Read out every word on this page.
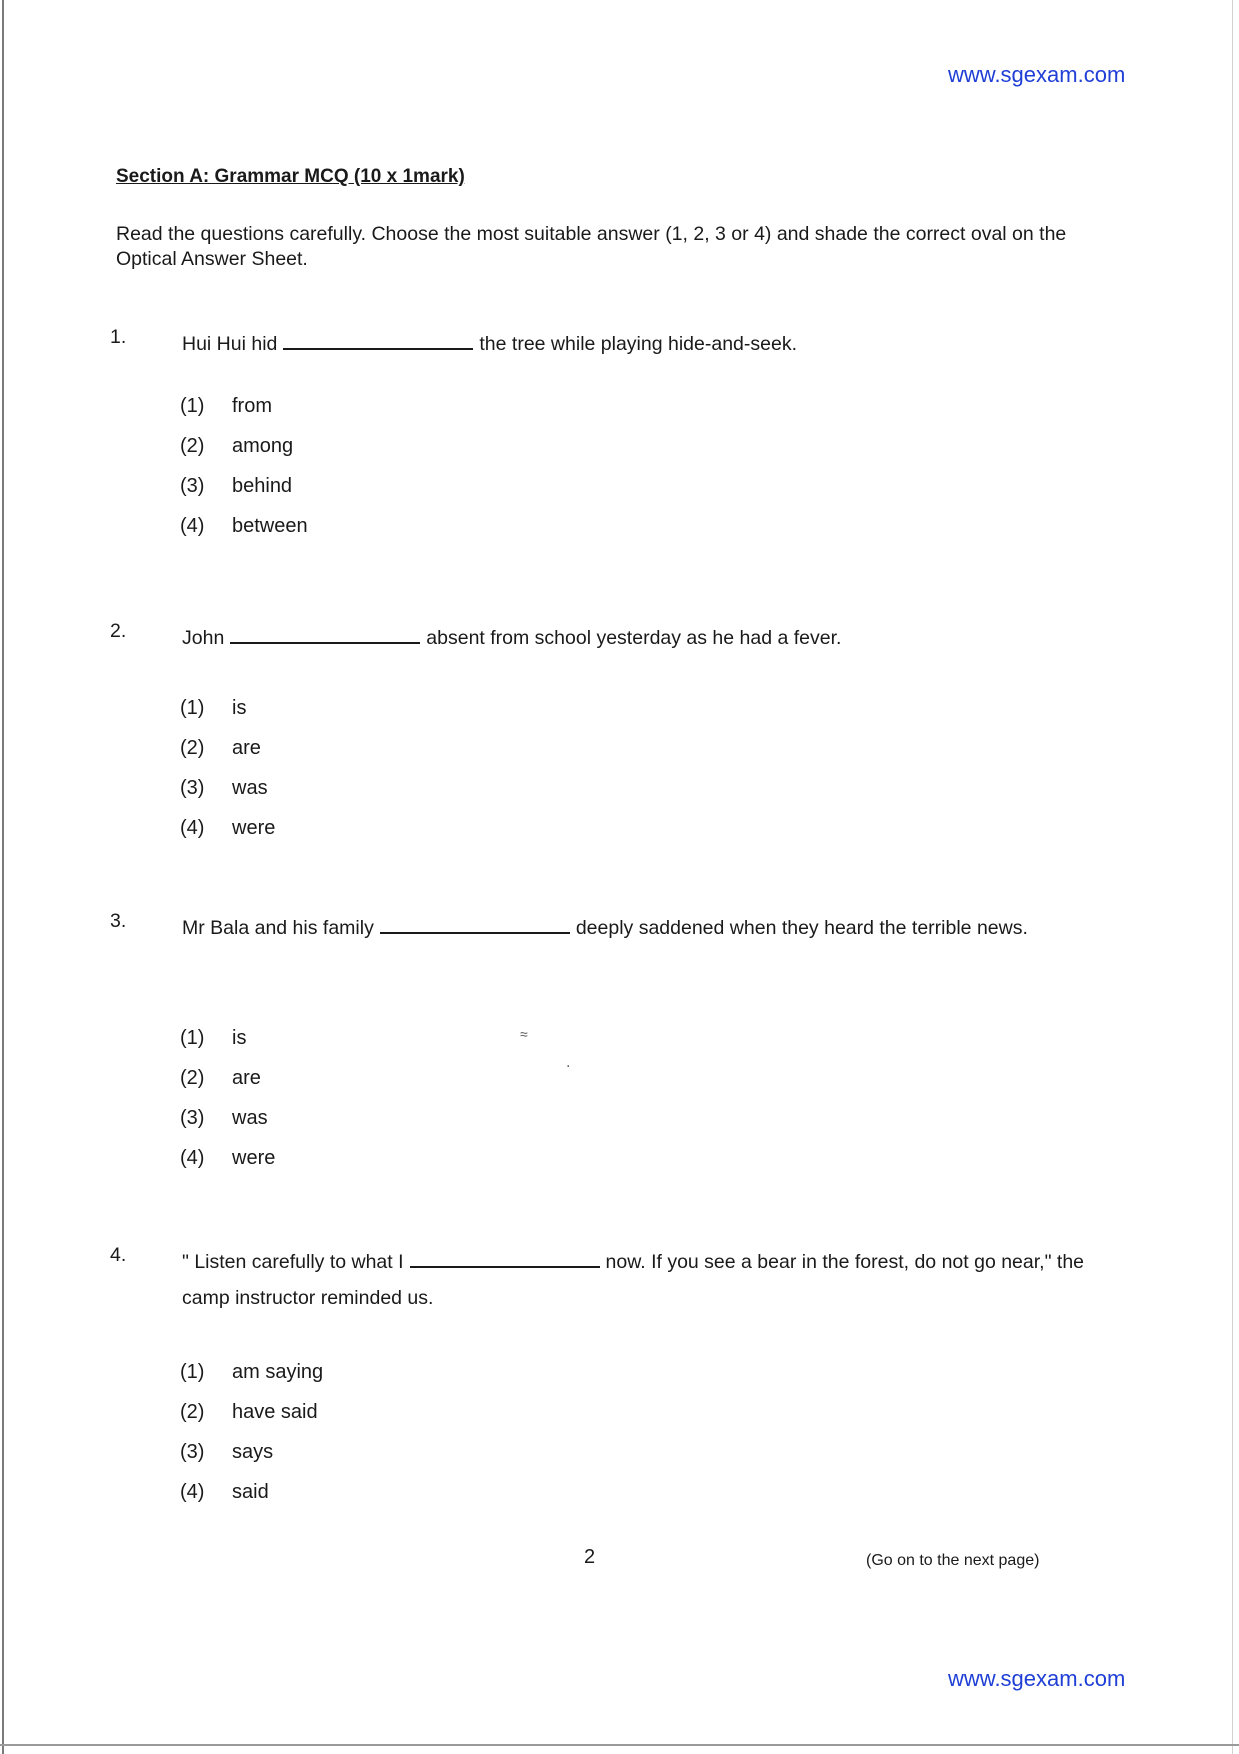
www.sgexam.com
Section A: Grammar MCQ (10 x 1mark)
Read the questions carefully. Choose the most suitable answer (1, 2, 3 or 4) and shade the correct oval on the Optical Answer Sheet.
1.	Hui Hui hid	the tree while playing hide-and-seek.
(1) from
(2) among
(3) behind
(4) between
2.	John	absent from school yesterday as he had a fever.
(1) is
(2) are
(3) was
(4) were
3.	Mr Bala and his family	deeply saddened when they heard the terrible news.
(1) is
(2) are
(3) was
(4) were
≈
⋅
4.	" Listen carefully to what I	now. If you see a bear in the forest, do not go near," the camp instructor reminded us.
(1) am saying
(2) have said
(3) says
(4) said
2	(Go on to the next page)
www.sgexam.com
